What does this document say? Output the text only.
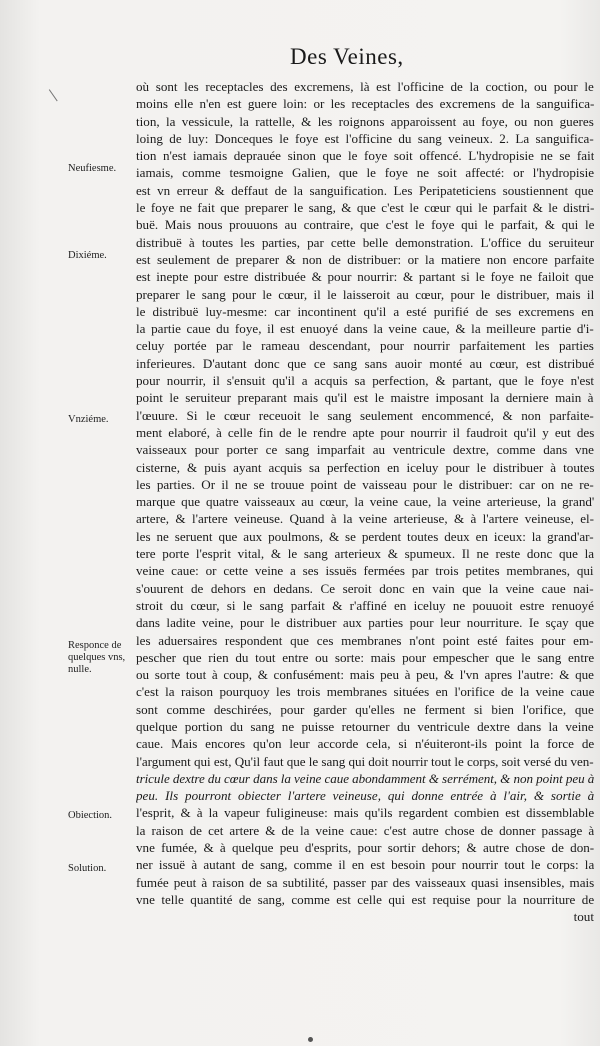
Des Veines,
Neufiesme.
Dixiéme.
Vnziéme.
Responce de quelques vns, nulle.
Obiection.
Solution.
où sont les receptacles des excremens, là est l'officine de la coction, ou pour le
moins elle n'en est guere loin: or les receptacles des excremens de la sanguifica-
tion, la vessicule, la rattelle, & les roignons apparoissent au foye, ou non gueres
loing de luy: Donceques le foye est l'officine du sang veineux. 2. La sanguifica-
tion n'est iamais deprauée sinon que le foye soit offencé. L'hydropisie ne se fait
iamais, comme tesmoigne Galien, que le foye ne soit affecté: or l'hydropisie
est vn erreur & deffaut de la sanguification. Les Peripateticiens soustiennent que
le foye ne fait que preparer le sang, & que c'est le cœur qui le parfait & le distri-
buë. Mais nous prouuons au contraire, que c'est le foye qui le parfait, & qui le
distribuë à toutes les parties, par cette belle demonstration. L'office du seruiteur
est seulement de preparer & non de distribuer: or la matiere non encore parfaite
est inepte pour estre distribuée & pour nourrir: & partant si le foye ne failoit que
preparer le sang pour le cœur, il le laisseroit au cœur, pour le distribuer, mais il
le distribuë luy-mesme: car incontinent qu'il a esté purifié de ses excremens en
la partie caue du foye, il est enuoyé dans la veine caue, & la meilleure partie d'i-
celuy portée par le rameau descendant, pour nourrir parfaitement les parties
inferieures. D'autant donc que ce sang sans auoir monté au cœur, est distribué
pour nourrir, il s'ensuit qu'il a acquis sa perfection, & partant, que le foye n'est
point le seruiteur preparant mais qu'il est le maistre imposant la derniere main à
l'œuure. Si le cœur receuoit le sang seulement encommencé, & non parfaite-
ment elaboré, à celle fin de le rendre apte pour nourrir il faudroit qu'il y eut des
vaisseaux pour porter ce sang imparfait au ventricule dextre, comme dans vne
cisterne, & puis ayant acquis sa perfection en iceluy pour le distribuer à toutes
les parties. Or il ne se trouue point de vaisseau pour le distribuer: car on ne re-
marque que quatre vaisseaux au cœur, la veine caue, la veine arterieuse, la grand'
artere, & l'artere veineuse. Quand à la veine arterieuse, & à l'artere veineuse, el-
les ne seruent que aux poulmons, & se perdent toutes deux en iceux: la grand'ar-
tere porte l'esprit vital, & le sang arterieux & spumeux. Il ne reste donc que la
veine caue: or cette veine a ses issuës fermées par trois petites membranes, qui
s'ouurent de dehors en dedans. Ce seroit donc en vain que la veine caue nai-
stroit du cœur, si le sang parfait & r'affiné en iceluy ne pouuoit estre renuoyé
dans ladite veine, pour le distribuer aux parties pour leur nourriture. Ie sçay que
les aduersaires respondent que ces membranes n'ont point esté faites pour em-
pescher que rien du tout entre ou sorte: mais pour empescher que le sang entre
ou sorte tout à coup, & confusément: mais peu à peu, & l'vn apres l'autre: & que
c'est la raison pourquoy les trois membranes situées en l'orifice de la veine caue
sont comme deschirées, pour garder qu'elles ne ferment si bien l'orifice, que
quelque portion du sang ne puisse retourner du ventricule dextre dans la veine
caue. Mais encores qu'on leur accorde cela, si n'éuiteront-ils point la force de
l'argument qui est, Qu'il faut que le sang qui doit nourrir tout le corps, soit versé du ven-
tricule dextre du cœur dans la veine caue abondamment & serrément, & non point peu à
peu. Ils pourront obiecter l'artere veineuse, qui donne entrée à l'air, & sortie à
l'esprit, & à la vapeur fuligineuse: mais qu'ils regardent combien est dissemblable
la raison de cet artere & de la veine caue: c'est autre chose de donner passage à
vne fumée, & à quelque peu d'esprits, pour sortir dehors; & autre chose de don-
ner issuë à autant de sang, comme il en est besoin pour nourrir tout le corps: la
fumée peut à raison de sa subtilité, passer par des vaisseaux quasi insensibles, mais
vne telle quantité de sang, comme est celle qui est requise pour la nourriture de
tout
